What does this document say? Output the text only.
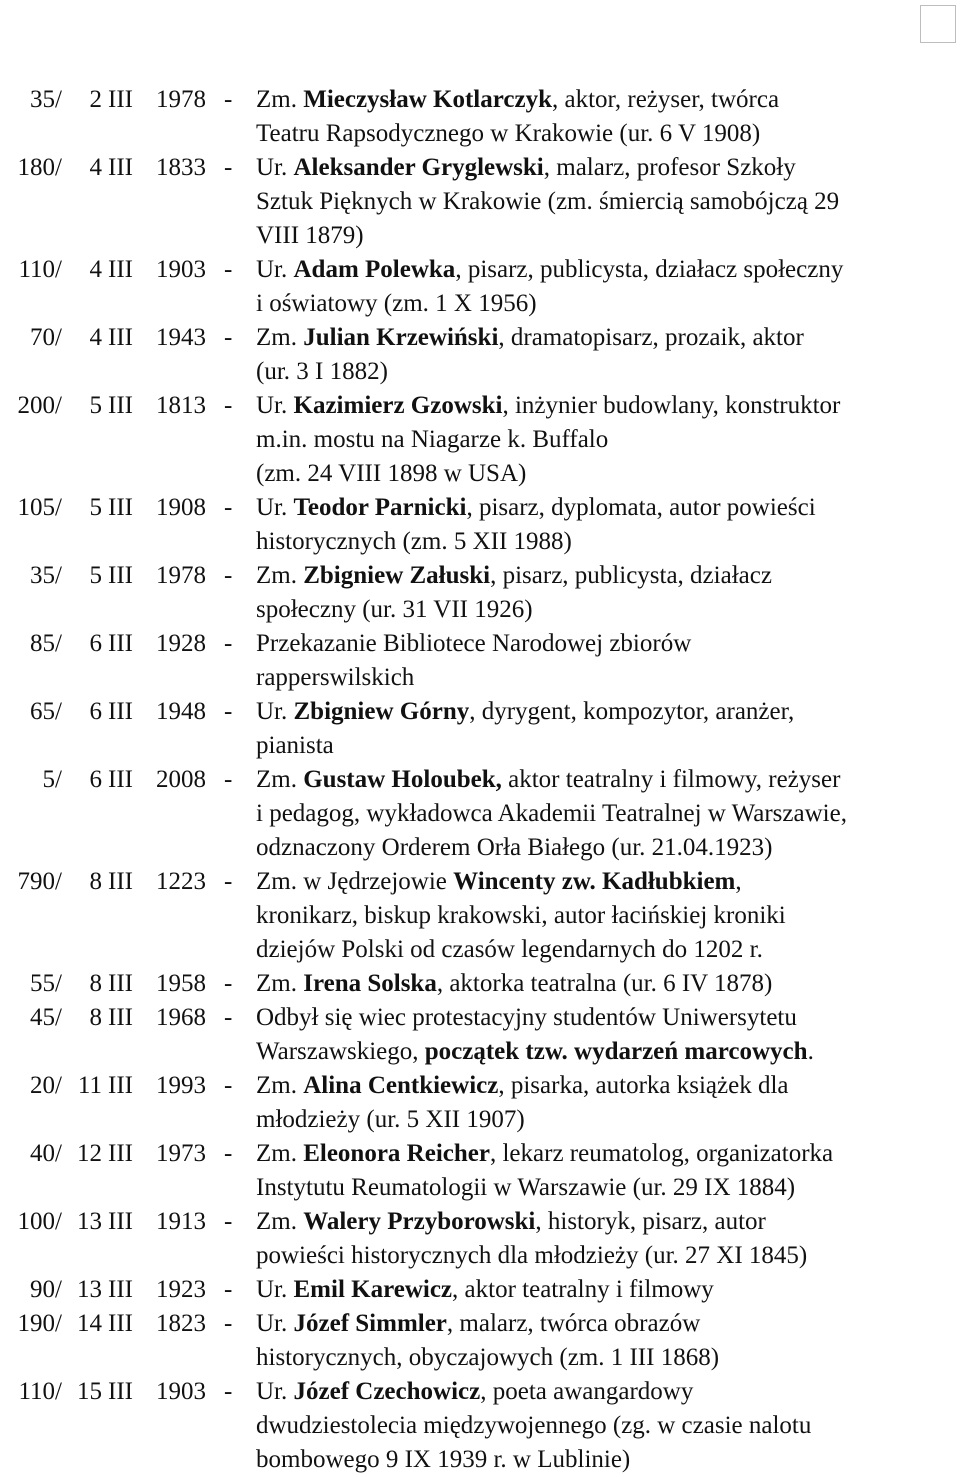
35/	2 III 1978 - Zm. Mieczysław Kotlarczyk, aktor, reżyser, twórca
Teatru Rapsodycznego w Krakowie (ur. 6 V 1908)
180/	4 III 1833 - Ur. Aleksander Gryglewski, malarz, profesor Szkoły
Sztuk Pięknych w Krakowie (zm. śmiercią samobójczą 29
VIII 1879)
110/	4 III 1903 - Ur. Adam Polewka, pisarz, publicysta, działacz społeczny
i oświatowy (zm. 1 X 1956)
70/	4 III 1943 - Zm. Julian Krzewiński, dramatopisarz, prozaik, aktor
(ur. 3 I 1882)
200/	5 III 1813 - Ur. Kazimierz Gzowski, inżynier budowlany, konstruktor
m.in. mostu na Niagarze k. Buffalo
(zm. 24 VIII 1898 w USA)
105/	5 III 1908 - Ur. Teodor Parnicki, pisarz, dyplomata, autor powieści
historycznych (zm. 5 XII 1988)
35/	5 III 1978 - Zm. Zbigniew Załuski, pisarz, publicysta, działacz
społeczny (ur. 31 VII 1926)
85/	6 III 1928 - Przekazanie Bibliotece Narodowej zbiorów
rapperswilskich
65/	6 III 1948 - Ur. Zbigniew Górny, dyrygent, kompozytor, aranżer,
pianista
5/	6 III 2008 - Zm. Gustaw Holoubek, aktor teatralny i filmowy, reżyser
i pedagog, wykładowca Akademii Teatralnej w Warszawie,
odznaczony Orderem Orła Białego (ur. 21.04.1923)
790/	8 III 1223 - Zm. w Jędrzejowie Wincenty zw. Kadłubkiem,
kronikarz, biskup krakowski, autor łacińskiej kroniki
dziejów Polski od czasów legendarnych do 1202 r.
55/	8 III 1958 - Zm. Irena Solska, aktorka teatralna (ur. 6 IV 1878)
45/	8 III 1968 - Odbył się wiec protestacyjny studentów Uniwersytetu
Warszawskiego, początek tzw. wydarzeń marcowych.
20/ 11 III 1993 - Zm. Alina Centkiewicz, pisarka, autorka książek dla
młodzieży (ur. 5 XII 1907)
40/ 12 III 1973 - Zm. Eleonora Reicher, lekarz reumatolog, organizatorka
Instytutu Reumatologii w Warszawie (ur. 29 IX 1884)
100/ 13 III 1913 - Zm. Walery Przyborowski, historyk, pisarz, autor
powieści historycznych dla młodzieży (ur. 27 XI 1845)
90/ 13 III 1923 - Ur. Emil Karewicz, aktor teatralny i filmowy
190/ 14 III 1823 - Ur. Józef Simmler, malarz, twórca obrazów
historycznych, obyczajowych (zm. 1 III 1868)
110/ 15 III 1903 - Ur. Józef Czechowicz, poeta awangardowy
dwudziestolecia międzywojennego (zg. w czasie nalotu
bombowego 9 IX 1939 r. w Lublinie)
